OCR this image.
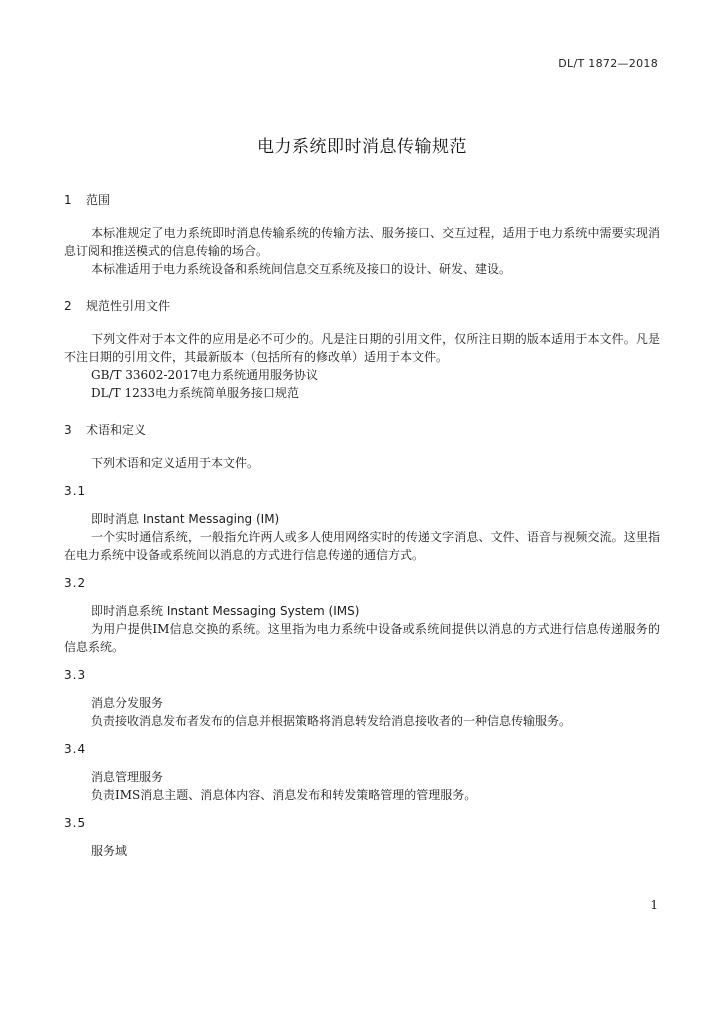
DL/T 1872—2018
电力系统即时消息传输规范
1 范围

本标准规定了电力系统即时消息传输系统的传输方法、服务接口、交互过程，适用于电力系统中需要实现消息订阅和推送模式的信息传输的场合。

本标准适用于电力系统设备和系统间信息交互系统及接口的设计、研发、建设。

2 规范性引用文件

下列文件对于本文件的应用是必不可少的。凡是注日期的引用文件，仅所注日期的版本适用于本文件。凡是不注日期的引用文件，其最新版本（包括所有的修改单）适用于本文件。

GB/T 33602-2017电力系统通用服务协议

DL/T 1233电力系统简单服务接口规范

3 术语和定义

下列术语和定义适用于本文件。

3.1
即时消息 Instant Messaging (IM)

一个实时通信系统，一般指允许两人或多人使用网络实时的传递文字消息、文件、语音与视频交流。这里指在电力系统中设备或系统间以消息的方式进行信息传递的通信方式。

3.2
即时消息系统 Instant Messaging System (IMS)

为用户提供IM信息交换的系统。这里指为电力系统中设备或系统间提供以消息的方式进行信息传递服务的信息系统。

3.3
消息分发服务

负责接收消息发布者发布的信息并根据策略将消息转发给消息接收者的一种信息传输服务。

3.4
消息管理服务

负责IMS消息主题、消息体内容、消息发布和转发策略管理的管理服务。

3.5
服务域
1
